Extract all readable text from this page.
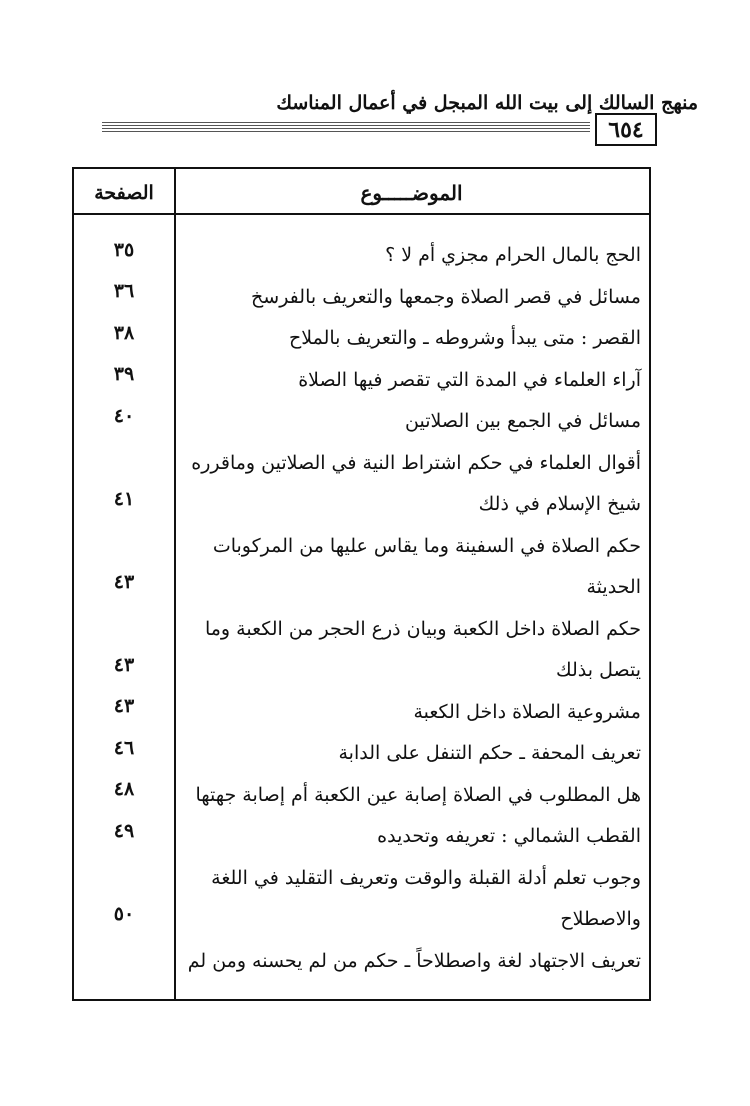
منهج السالك إلى بيت الله المبجل في أعمال المناسك
٦٥٤
الموضـــــوع
الصفحة
الحج بالمال الحرام مجزي أم لا ؟
٣٥
مسائل في قصر الصلاة وجمعها والتعريف بالفرسخ
٣٦
القصر : متى يبدأ وشروطه ـ والتعريف بالملاح
٣٨
آراء العلماء في المدة التي تقصر فيها الصلاة
٣٩
مسائل في الجمع بين الصلاتين
٤٠
أقوال العلماء في حكم اشتراط النية في الصلاتين وماقرره
شيخ الإسلام في ذلك
٤١
حكم الصلاة في السفينة وما يقاس عليها من المركوبات
الحديثة
٤٣
حكم الصلاة داخل الكعبة وبيان ذرع الحجر من الكعبة وما
يتصل بذلك
٤٣
مشروعية الصلاة داخل الكعبة
٤٣
تعريف المحفة ـ حكم التنفل على الدابة
٤٦
هل المطلوب في الصلاة إصابة عين الكعبة أم إصابة جهتها
٤٨
القطب الشمالي : تعريفه وتحديده
٤٩
وجوب تعلم أدلة القبلة والوقت وتعريف التقليد في اللغة
والاصطلاح
٥٠
تعريف الاجتهاد لغة واصطلاحاً ـ حكم من لم يحسنه ومن لم
